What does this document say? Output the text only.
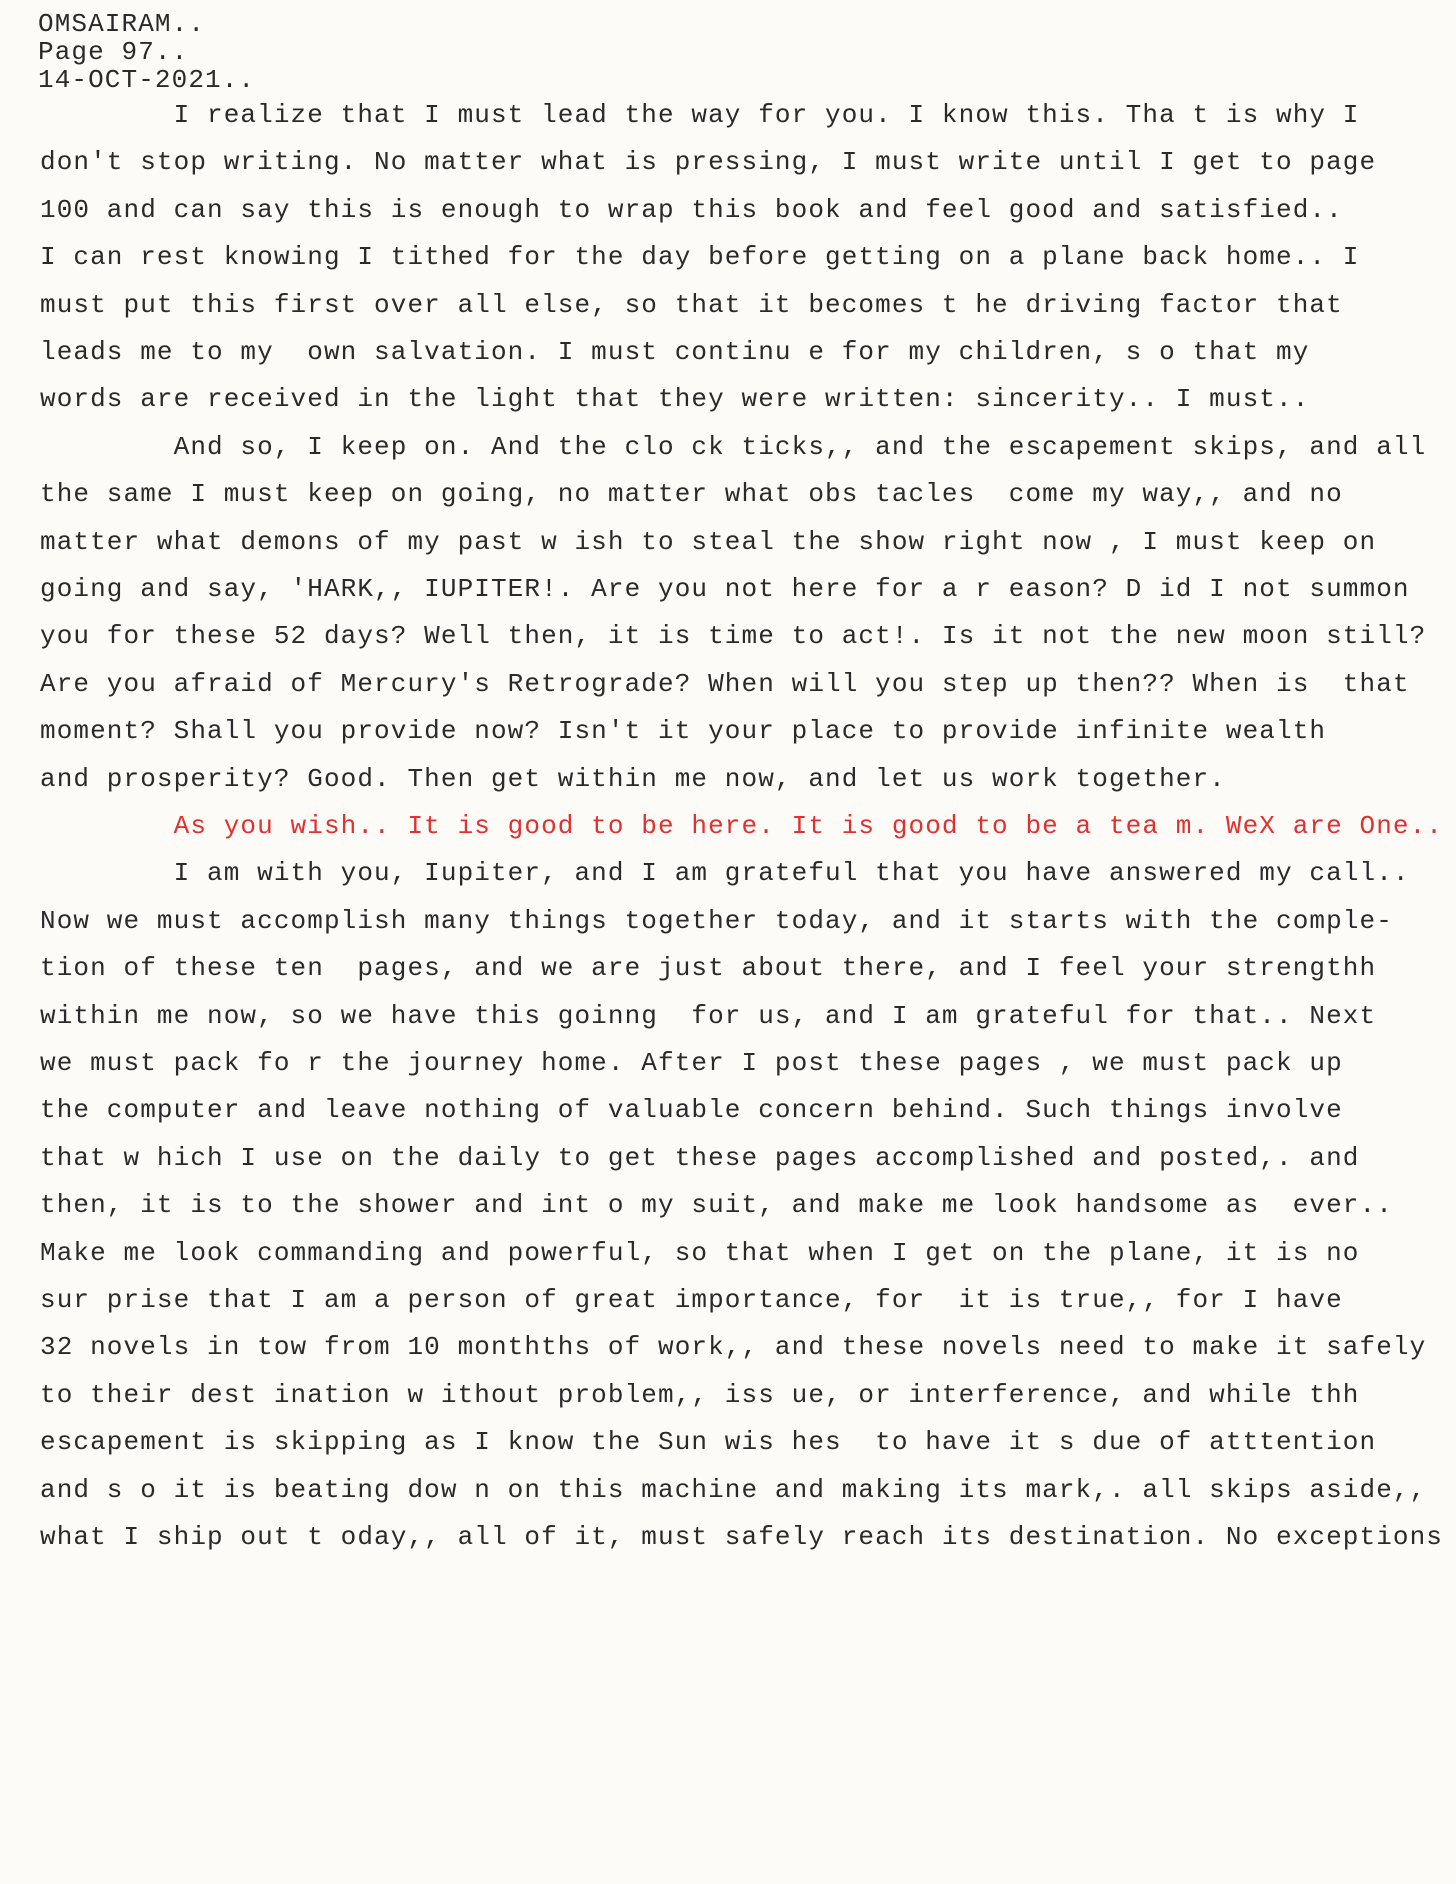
OMSAIRAM..
Page 97..
14-OCT-2021..
I realize that I must lead the way for you. I know this. Tha t is why I
don't stop writing. No matter what is pressing, I must write until I get to page
100 and can say this is enough to wrap this book and feel good and satisfied..
I can rest knowing I tithed for the day before getting on a plane back home.. I
must put this first over all else, so that it becomes t he driving factor that
leads me to my  own salvation. I must continu e for my children, s o that my
words are received in the light that they were written: sincerity.. I must..
And so, I keep on. And the clo ck ticks,, and the escapement skips, and all
the same I must keep on going, no matter what obs tacles  come my way,, and no
matter what demons of my past w ish to steal the show right now , I must keep on
going and say, 'HARK,, IUPITER!. Are you not here for a r eason? D id I not summon
you for these 52 days? Well then, it is time to act!. Is it not the new moon still?
Are you afraid of Mercury's Retrograde? When will you step up then?? When is  that
moment? Shall you provide now? Isn't it your place to provide infinite wealth
and prosperity? Good. Then get within me now, and let us work together.
As you wish.. It is good to be here. It is good to be a tea m. WeX are One..
I am with you, Iupiter, and I am grateful that you have answered my call..
Now we must accomplish many things together today, and it starts with the comple-
tion of these ten  pages, and we are just about there, and I feel your strengthh
within me now, so we have this goinng  for us, and I am grateful for that.. Next
we must pack fo r the journey home. After I post these pages , we must pack up
the computer and leave nothing of valuable concern behind. Such things involve
that w hich I use on the daily to get these pages accomplished and posted,. and
then, it is to the shower and int o my suit, and make me look handsome as  ever..
Make me look commanding and powerful, so that when I get on the plane, it is no
sur prise that I am a person of great importance, for  it is true,, for I have
32 novels in tow from 10 monthths of work,, and these novels need to make it safely
to their dest ination w ithout problem,, iss ue, or interference, and while thh
escapement is skipping as I know the Sun wis hes  to have it s due of atttention
and s o it is beating dow n on this machine and making its mark,. all skips aside,,
what I ship out t oday,, all of it, must safely reach its destination. No exceptions
